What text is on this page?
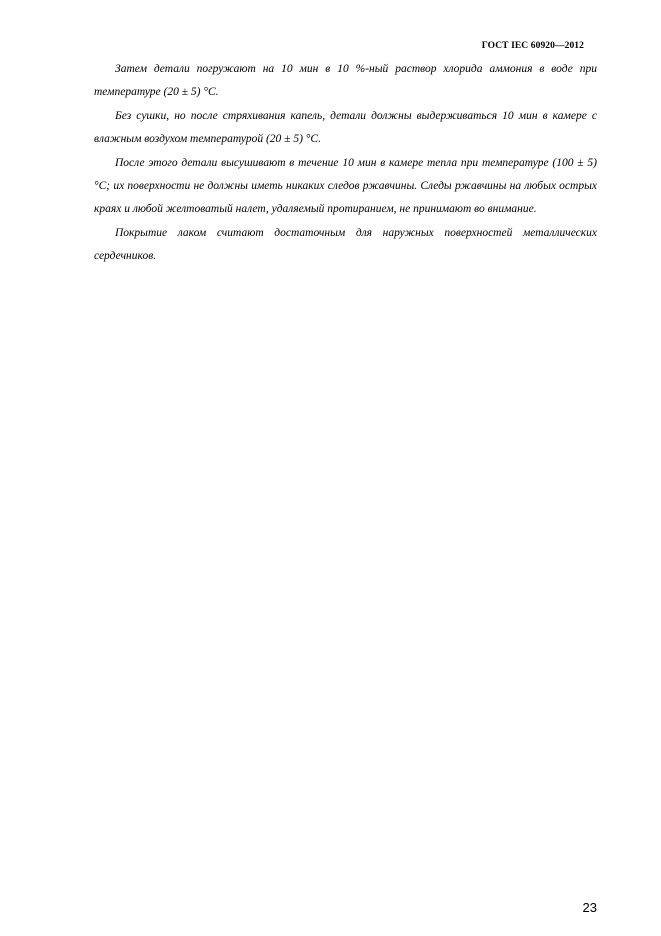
ГОСТ IEC 60920—2012

Затем детали погружают на 10 мин в 10 %-ный раствор хлорида аммония в воде при температуре (20 ± 5) °С.

Без сушки, но после стряхивания капель, детали должны выдерживаться 10 мин в камере с влажным воздухом температурой (20 ± 5) °С.

После этого детали высушивают в течение 10 мин в камере тепла при температуре (100 ± 5) °С; их поверхности не должны иметь никаких следов ржавчины. Следы ржавчины на любых острых краях и любой желтоватый налет, удаляемый протиранием, не принимают во внимание.

Покрытие лаком считают достаточным для наружных поверхностей металлических сердечников.

23
